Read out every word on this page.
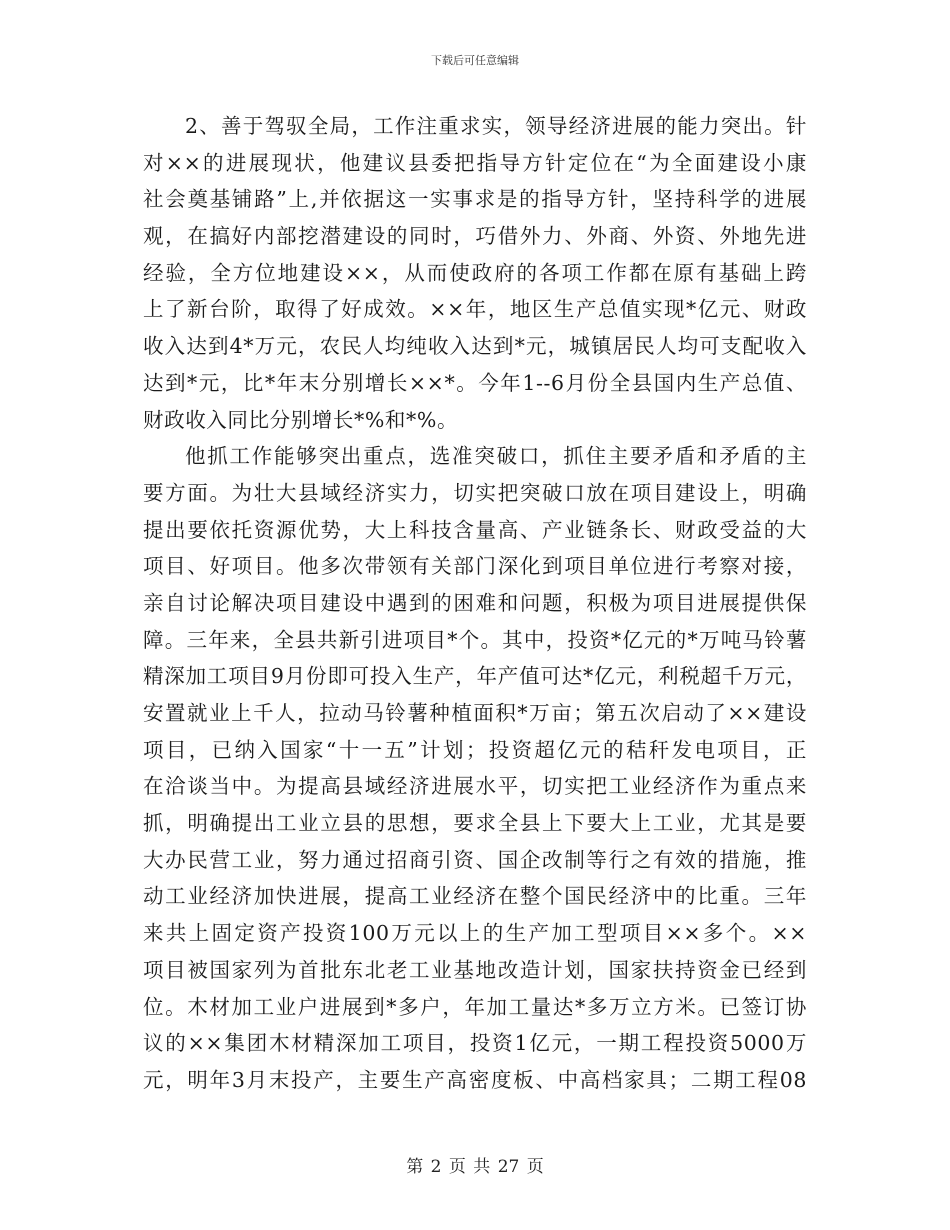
下载后可任意编辑
2、善于驾驭全局，工作注重求实，领导经济进展的能力突出。针
对××的进展现状，他建议县委把指导方针定位在“为全面建设小康
社会奠基铺路”上,并依据这一实事求是的指导方针，坚持科学的进展
观，在搞好内部挖潜建设的同时，巧借外力、外商、外资、外地先进
经验，全方位地建设××，从而使政府的各项工作都在原有基础上跨
上了新台阶，取得了好成效。××年，地区生产总值实现*亿元、财政
收入达到4*万元，农民人均纯收入达到*元，城镇居民人均可支配收入
达到*元，比*年末分别增长××*。今年1--6月份全县国内生产总值、
财政收入同比分别增长*%和*%。
他抓工作能够突出重点，选准突破口，抓住主要矛盾和矛盾的主
要方面。为壮大县域经济实力，切实把突破口放在项目建设上，明确
提出要依托资源优势，大上科技含量高、产业链条长、财政受益的大
项目、好项目。他多次带领有关部门深化到项目单位进行考察对接，
亲自讨论解决项目建设中遇到的困难和问题，积极为项目进展提供保
障。三年来，全县共新引进项目*个。其中，投资*亿元的*万吨马铃薯
精深加工项目9月份即可投入生产，年产值可达*亿元，利税超千万元，
安置就业上千人，拉动马铃薯种植面积*万亩；第五次启动了××建设
项目，已纳入国家“十一五”计划；投资超亿元的秸秆发电项目，正
在洽谈当中。为提高县域经济进展水平，切实把工业经济作为重点来
抓，明确提出工业立县的思想，要求全县上下要大上工业，尤其是要
大办民营工业，努力通过招商引资、国企改制等行之有效的措施，推
动工业经济加快进展，提高工业经济在整个国民经济中的比重。三年
来共上固定资产投资100万元以上的生产加工型项目××多个。××
项目被国家列为首批东北老工业基地改造计划，国家扶持资金已经到
位。木材加工业户进展到*多户，年加工量达*多万立方米。已签订协
议的××集团木材精深加工项目，投资1亿元，一期工程投资5000万
元，明年3月末投产，主要生产高密度板、中高档家具；二期工程08
第 2 页 共 27 页
